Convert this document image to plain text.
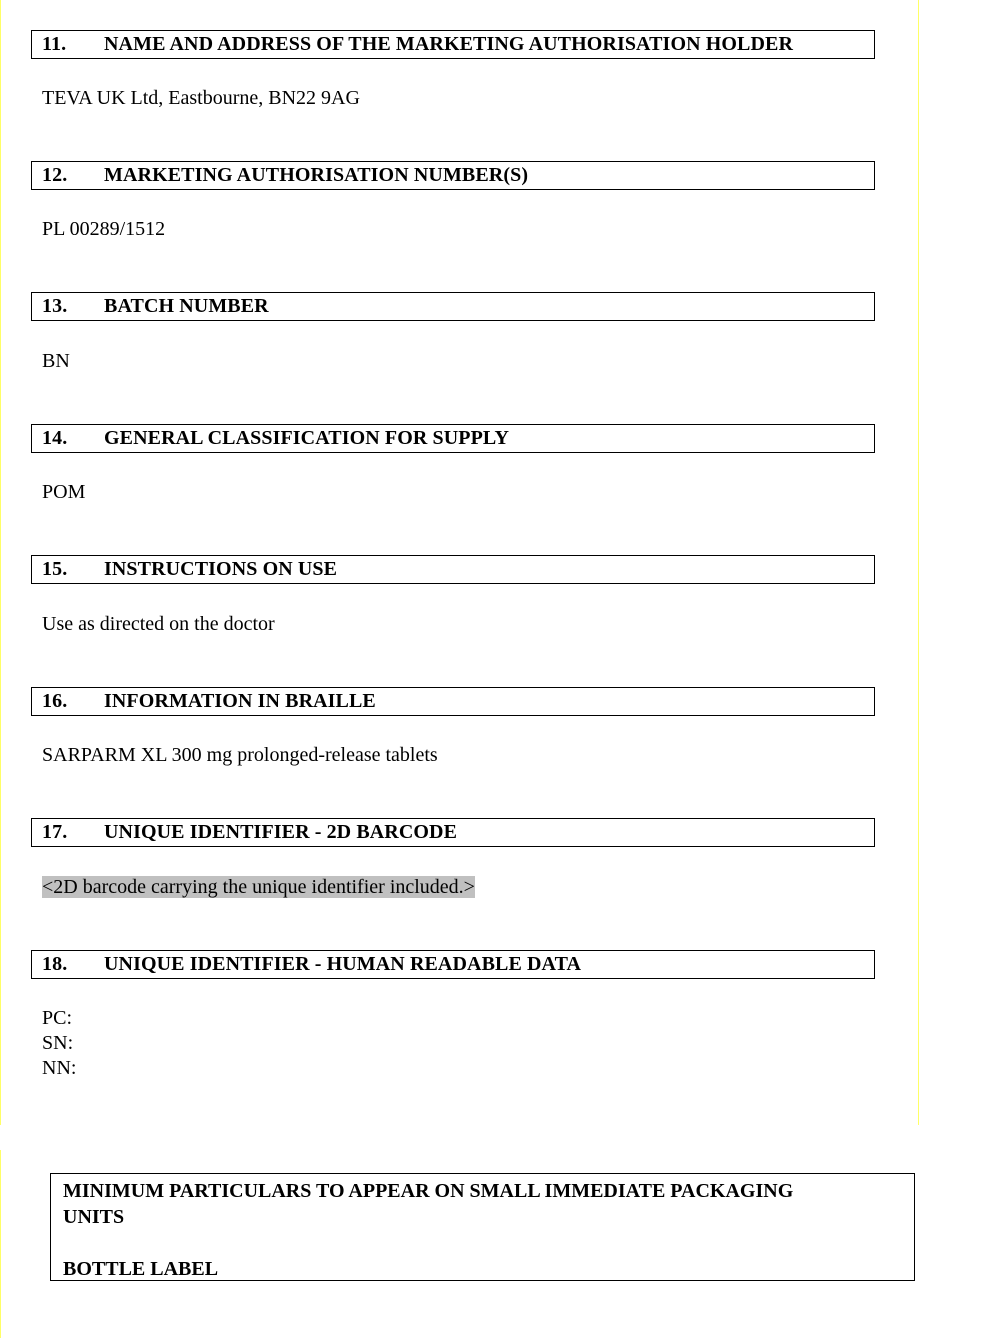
11.	NAME AND ADDRESS OF THE MARKETING AUTHORISATION HOLDER
TEVA UK Ltd, Eastbourne, BN22 9AG
12.	MARKETING AUTHORISATION NUMBER(S)
PL 00289/1512
13.	BATCH NUMBER
BN
14.	GENERAL CLASSIFICATION FOR SUPPLY
POM
15.	INSTRUCTIONS ON USE
Use as directed on the doctor
16.	INFORMATION IN BRAILLE
SARPARM XL 300 mg prolonged-release tablets
17.	UNIQUE IDENTIFIER - 2D BARCODE
<2D barcode carrying the unique identifier included.>
18.	UNIQUE IDENTIFIER - HUMAN READABLE DATA
PC:
SN:
NN:
MINIMUM PARTICULARS TO APPEAR ON SMALL IMMEDIATE PACKAGING
UNITS
BOTTLE LABEL
